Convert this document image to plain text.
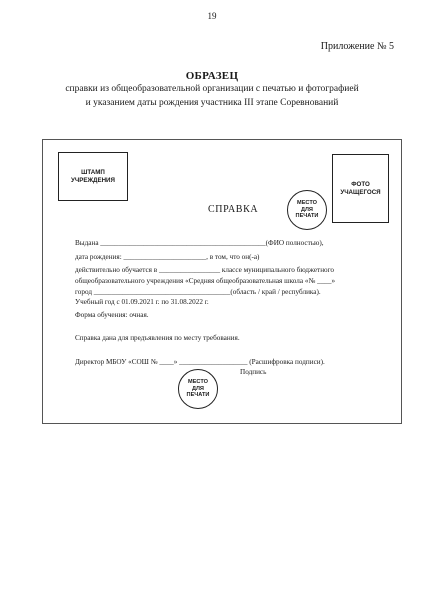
19
Приложение № 5
ОБРАЗЕЦ
справки из общеобразовательной организации с печатью и фотографией
и указанием даты рождения участника III этапе Соревнований
ШТАМП
УЧРЕЖДЕНИЯ
ФОТО
УЧАЩЕГОСЯ
МЕСТО
ДЛЯ
ПЕЧАТИ
СПРАВКА
Выдана ______________________________________________(ФИО полностью),
дата рождения: _______________________, в том, что он(-а)
действительно обучается в _________________ классе муниципального бюджетного
общеобразовательного учреждения «Средняя общеобразовательная школа «№ ____»
город ______________________________________(область / край / республика).
Учебный год с 01.09.2021 г. по 31.08.2022 г.
Форма обучения: очная.
Справка дана для предъявления по месту требования.
Директор МБОУ «СОШ № ____» ___________________ (Расшифровка подписи).
Подпись
МЕСТО
ДЛЯ
ПЕЧАТИ
